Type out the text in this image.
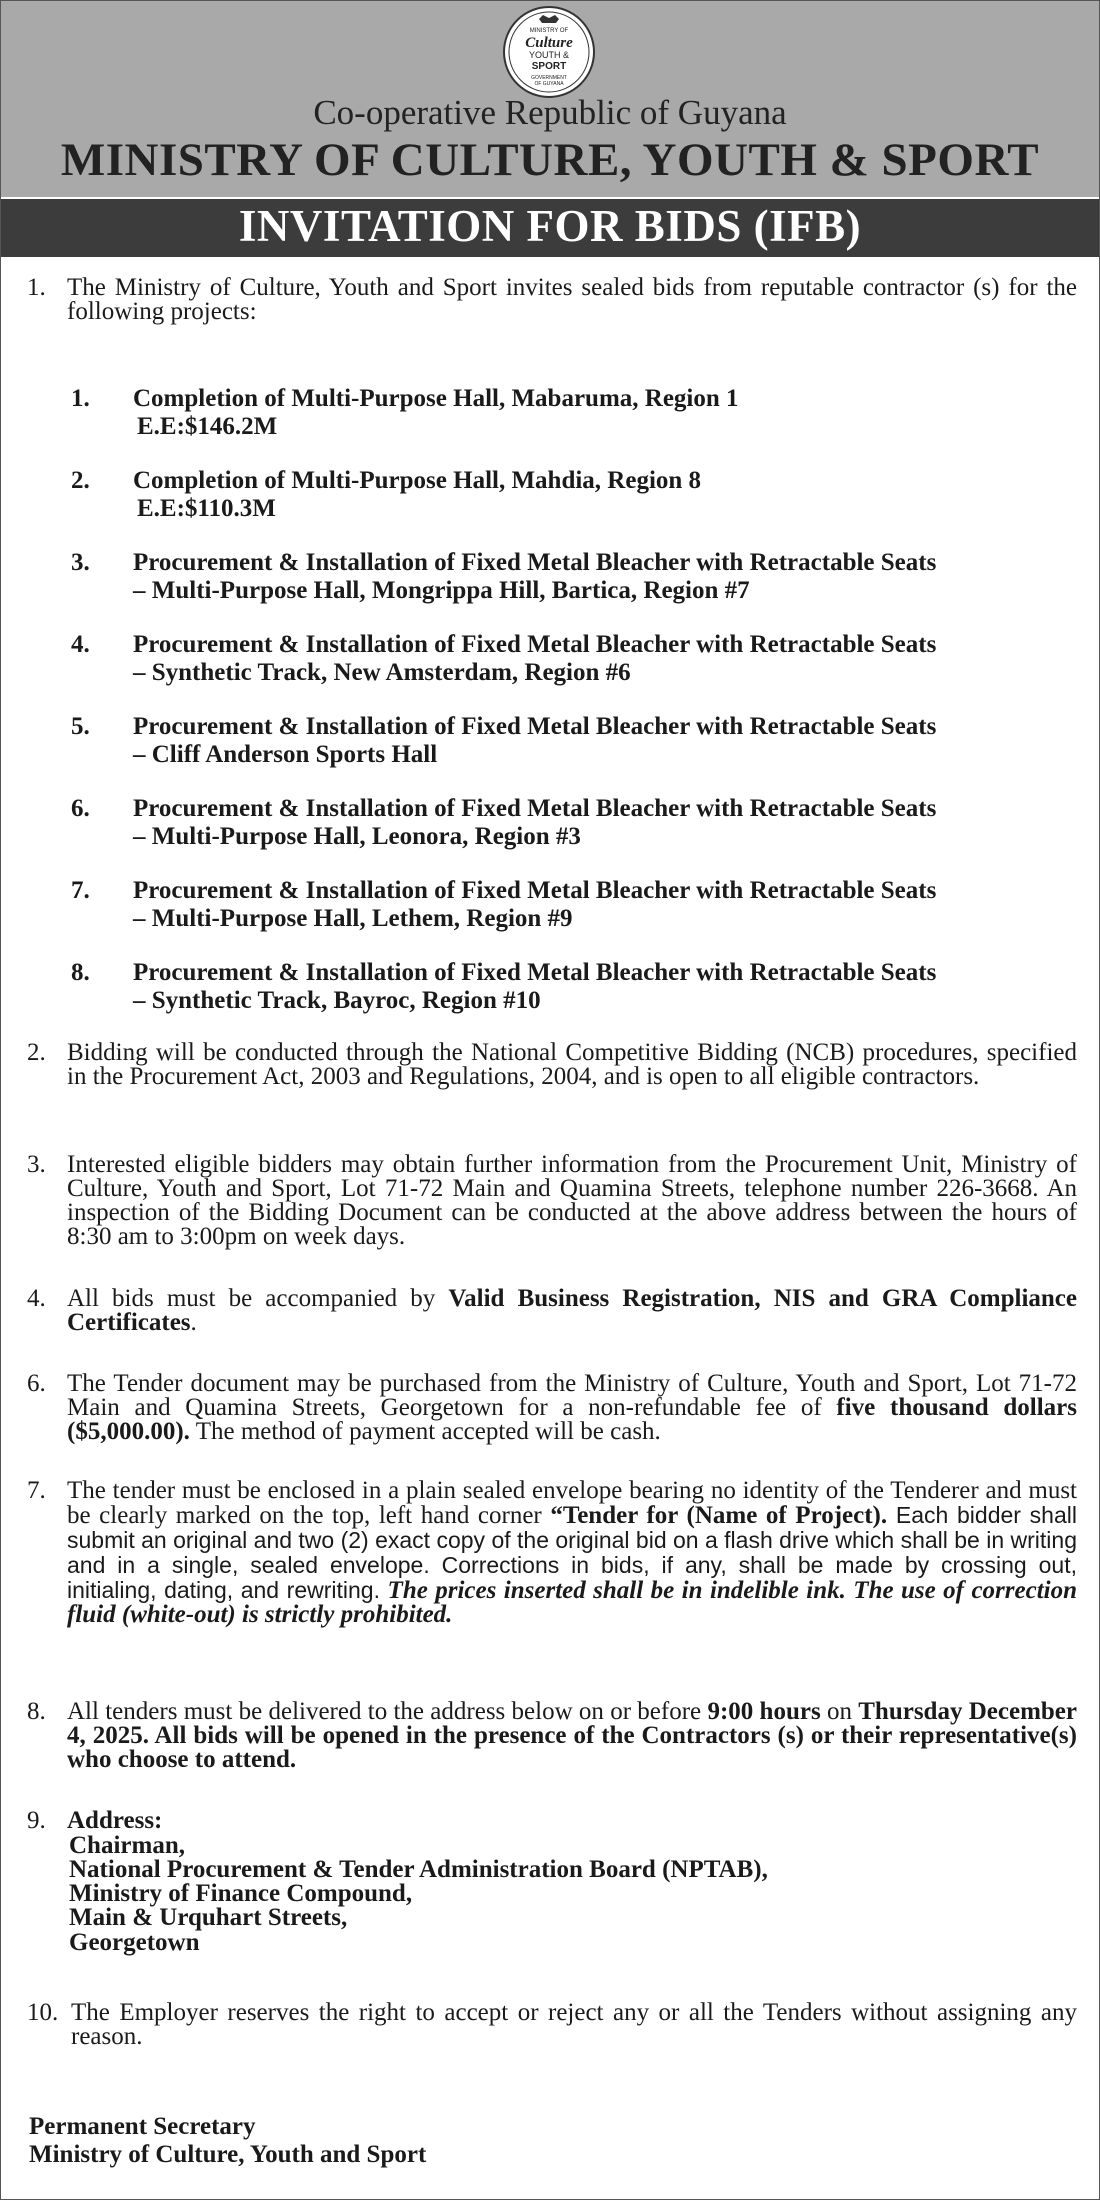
MINISTRY OF
Culture
YOUTH &
SPORT
GOVERNMENT
OF GUYANA
Co-operative Republic of Guyana
MINISTRY OF CULTURE, YOUTH & SPORT
INVITATION FOR BIDS (IFB)
1. The Ministry of Culture, Youth and Sport invites sealed bids from reputable contractor (s) for the following projects:
1. Completion of Multi-Purpose Hall, Mabaruma, Region 1
E.E:$146.2M
2. Completion of Multi-Purpose Hall, Mahdia, Region 8
E.E:$110.3M
3. Procurement & Installation of Fixed Metal Bleacher with Retractable Seats
– Multi-Purpose Hall, Mongrippa Hill, Bartica, Region #7
4. Procurement & Installation of Fixed Metal Bleacher with Retractable Seats
– Synthetic Track, New Amsterdam, Region #6
5. Procurement & Installation of Fixed Metal Bleacher with Retractable Seats
– Cliff Anderson Sports Hall
6. Procurement & Installation of Fixed Metal Bleacher with Retractable Seats
– Multi-Purpose Hall, Leonora, Region #3
7. Procurement & Installation of Fixed Metal Bleacher with Retractable Seats
– Multi-Purpose Hall, Lethem, Region #9
8. Procurement & Installation of Fixed Metal Bleacher with Retractable Seats
– Synthetic Track, Bayroc, Region #10
2. Bidding will be conducted through the National Competitive Bidding (NCB) procedures, specified in the Procurement Act, 2003 and Regulations, 2004, and is open to all eligible contractors.
3. Interested eligible bidders may obtain further information from the Procurement Unit, Ministry of Culture, Youth and Sport, Lot 71-72 Main and Quamina Streets, telephone number 226-3668. An inspection of the Bidding Document can be conducted at the above address between the hours of 8:30 am to 3:00pm on week days.
4. All bids must be accompanied by Valid Business Registration, NIS and GRA Compliance Certificates.
6. The Tender document may be purchased from the Ministry of Culture, Youth and Sport, Lot 71-72 Main and Quamina Streets, Georgetown for a non-refundable fee of five thousand dollars ($5,000.00). The method of payment accepted will be cash.
7. The tender must be enclosed in a plain sealed envelope bearing no identity of the Tenderer and must be clearly marked on the top, left hand corner “Tender for (Name of Project). Each bidder shall submit an original and two (2) exact copy of the original bid on a flash drive which shall be in writing and in a single, sealed envelope. Corrections in bids, if any, shall be made by crossing out, initialing, dating, and rewriting. The prices inserted shall be in indelible ink. The use of correction fluid (white-out) is strictly prohibited.
8. All tenders must be delivered to the address below on or before 9:00 hours on Thursday December 4, 2025. All bids will be opened in the presence of the Contractors (s) or their representative(s) who choose to attend.
9. Address:
Chairman,
National Procurement & Tender Administration Board (NPTAB),
Ministry of Finance Compound,
Main & Urquhart Streets,
Georgetown
10. The Employer reserves the right to accept or reject any or all the Tenders without assigning any reason.
Permanent Secretary
Ministry of Culture, Youth and Sport
